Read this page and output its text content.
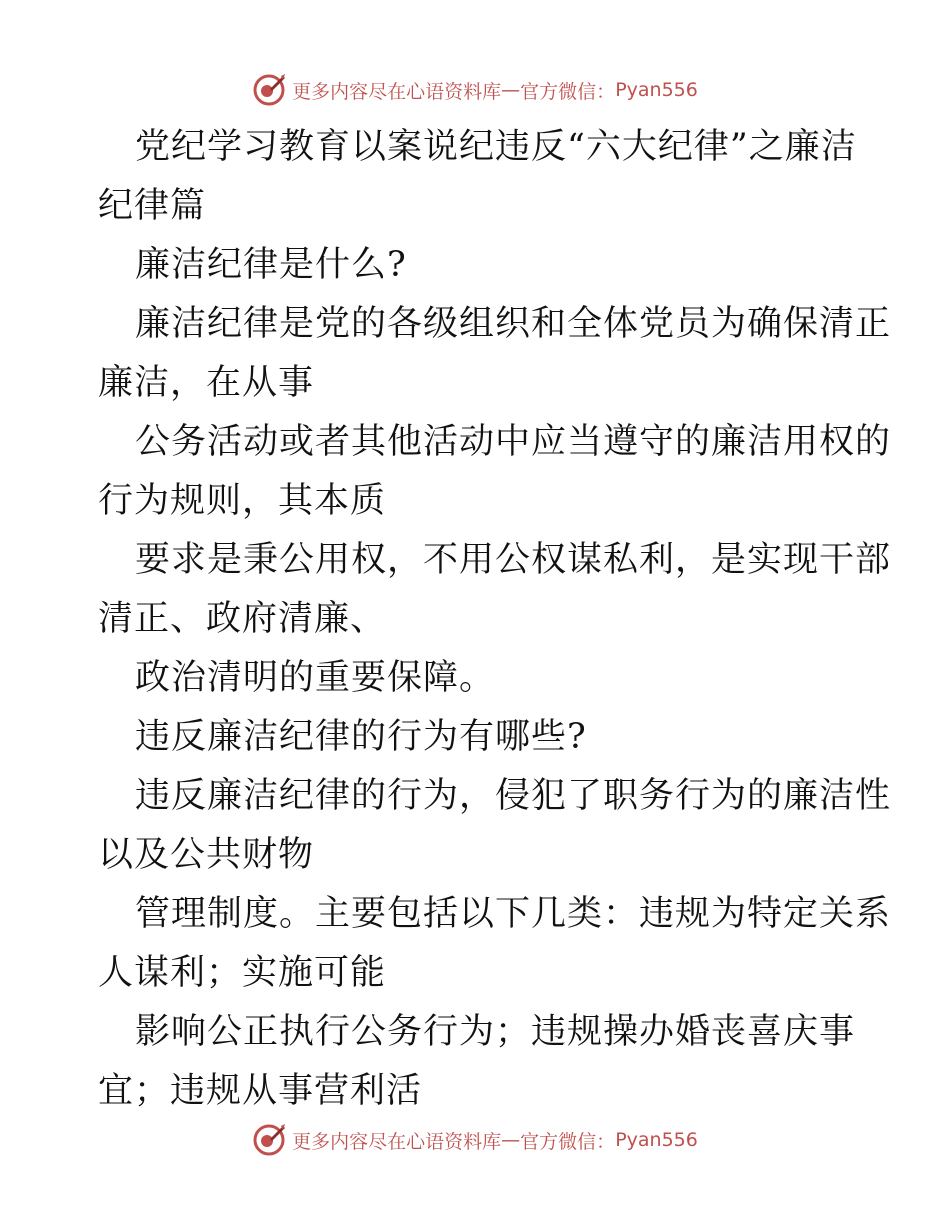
更多内容尽在心语资料库 — 官方微信： Pyan556
党纪学习教育以案说纪违反“六大纪律”之廉洁
纪律篇
廉洁纪律是什么?
廉洁纪律是党的各级组织和全体党员为确保清正
廉洁，在从事
公务活动或者其他活动中应当遵守的廉洁用权的
行为规则，其本质
要求是秉公用权，不用公权谋私利，是实现干部
清正、政府清廉、
政治清明的重要保障。
违反廉洁纪律的行为有哪些?
违反廉洁纪律的行为，侵犯了职务行为的廉洁性
以及公共财物
管理制度。主要包括以下几类：违规为特定关系
人谋利；实施可能
影响公正执行公务行为；违规操办婚丧喜庆事
宜；违规从事营利活
更多内容尽在心语资料库 — 官方微信： Pyan556
